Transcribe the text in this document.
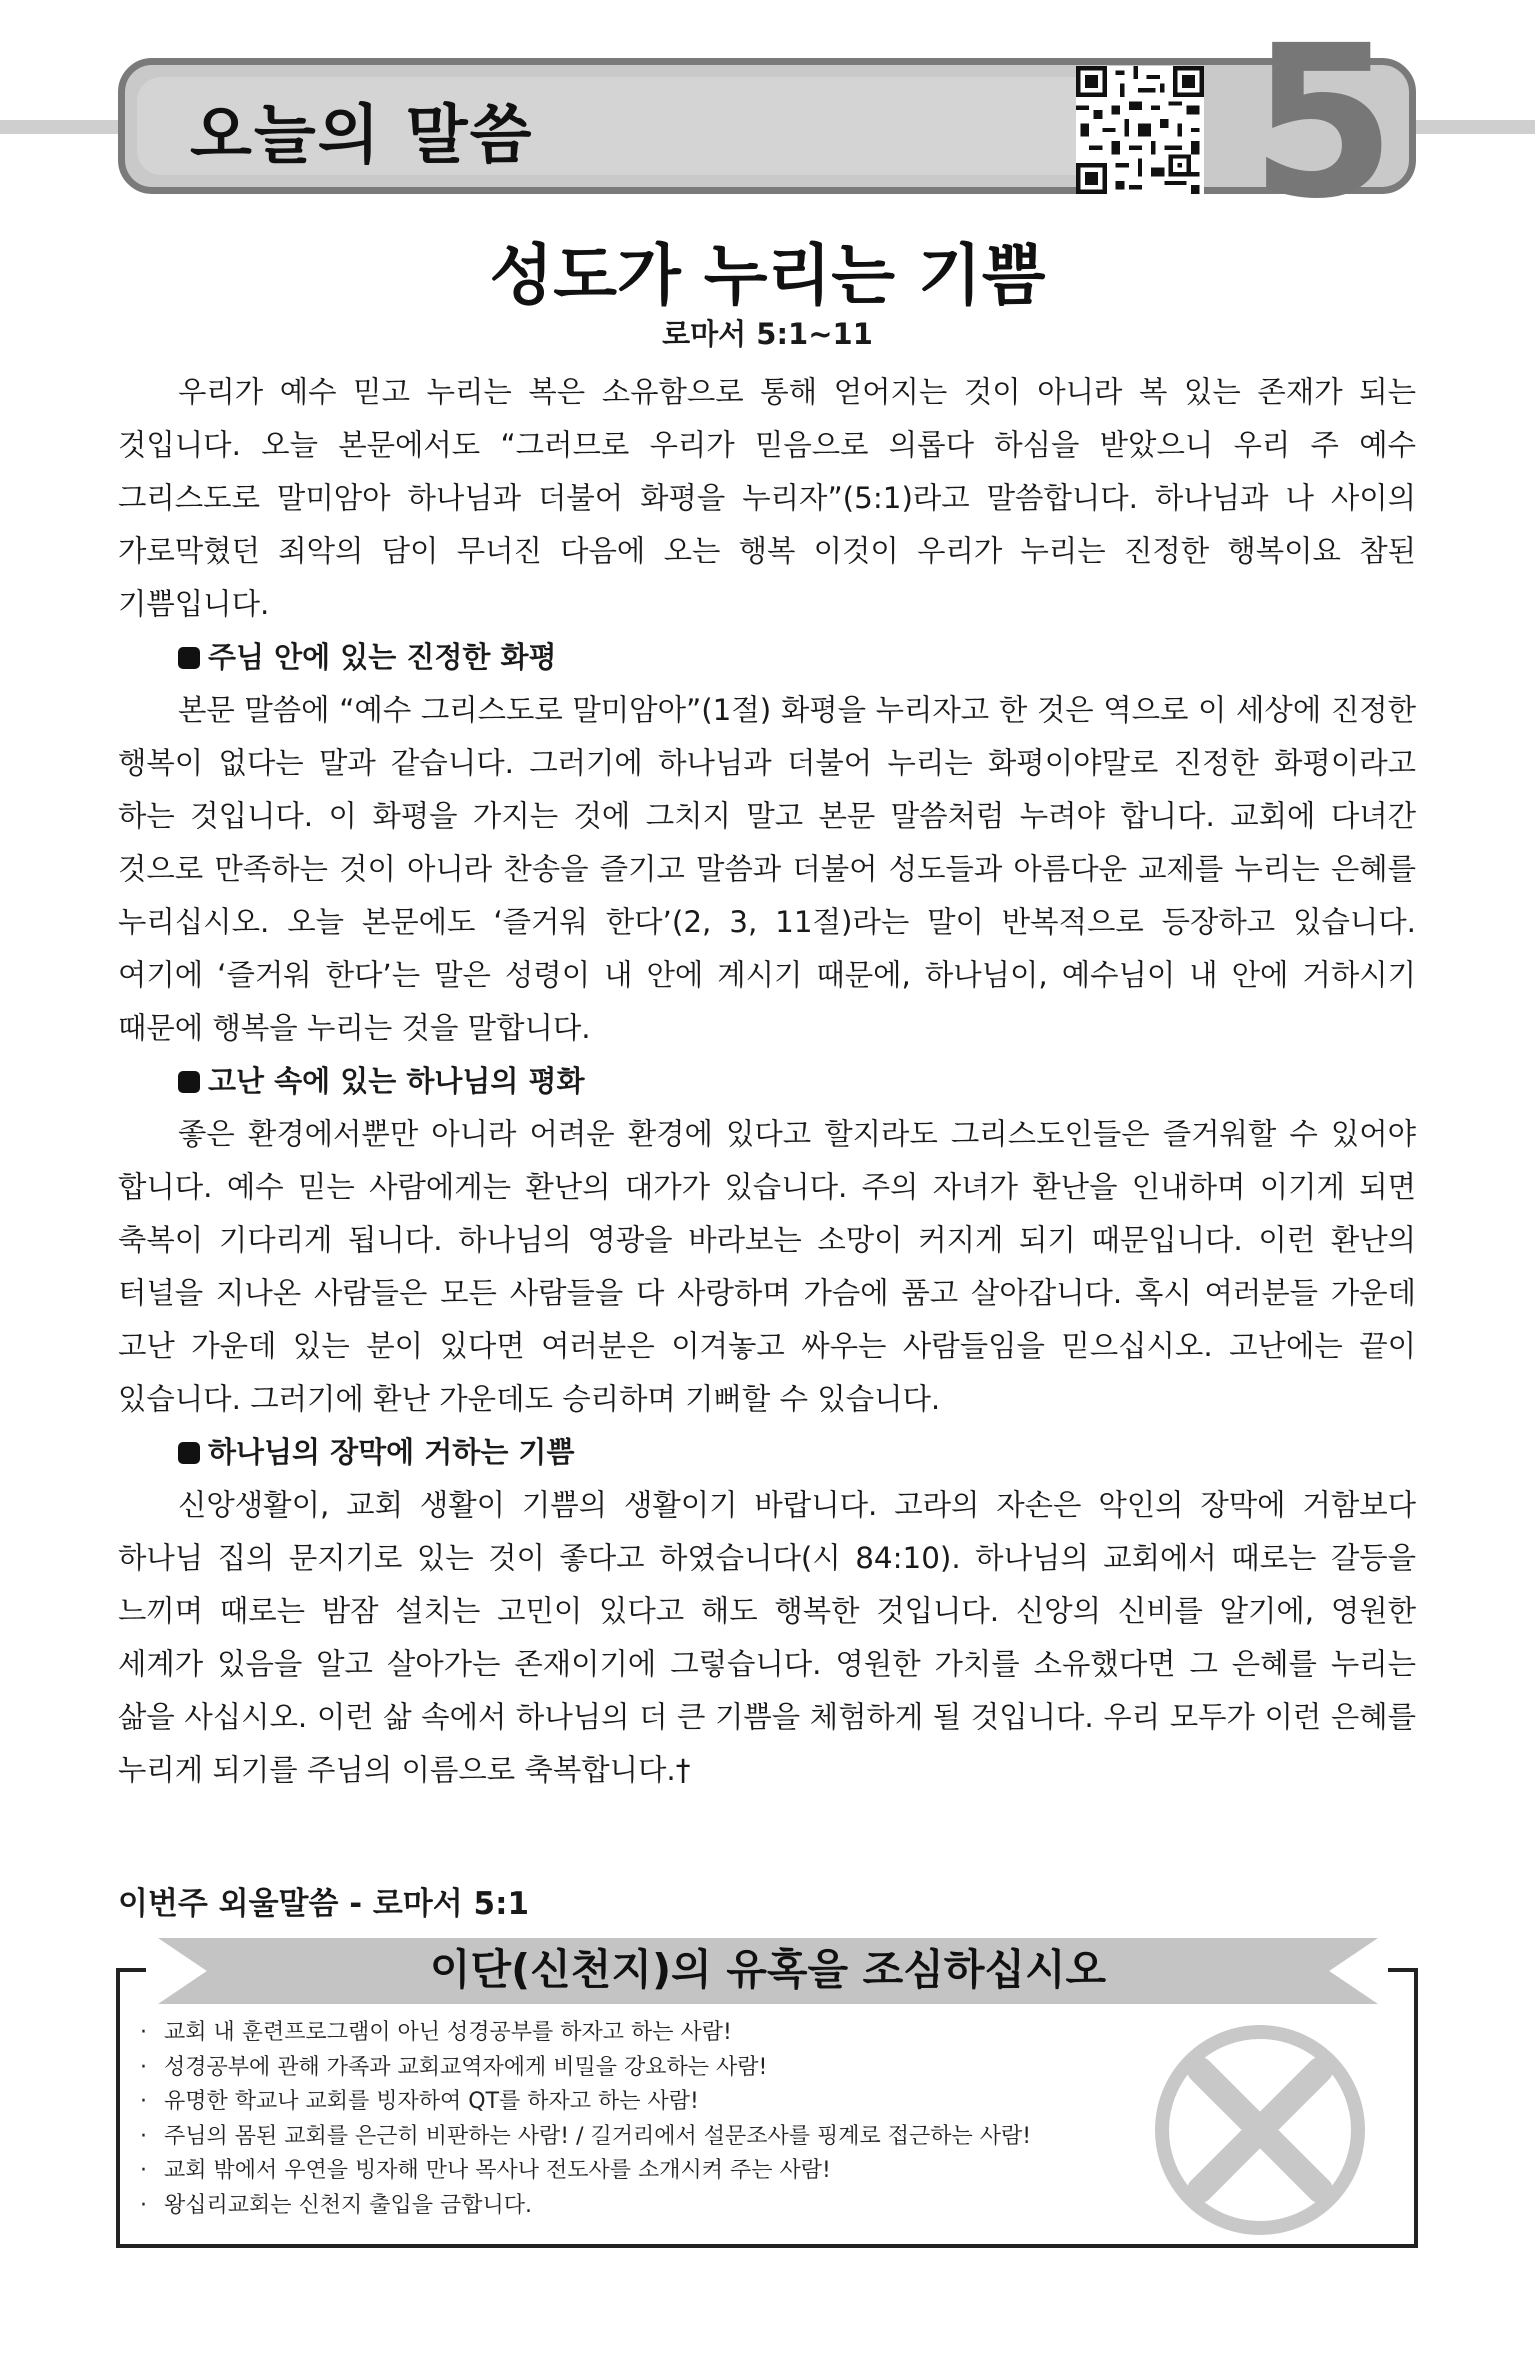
오늘의 말씀	5
성도가 누리는 기쁨
로마서 5:1~11

우리가 예수 믿고 누리는 복은 소유함으로 통해 얻어지는 것이 아니라 복 있는 존재가 되는 것입니다. 오늘 본문에서도 “그러므로 우리가 믿음으로 의롭다 하심을 받았으니 우리 주 예수 그리스도로 말미암아 하나님과 더불어 화평을 누리자”(5:1)라고 말씀합니다. 하나님과 나 사이의 가로막혔던 죄악의 담이 무너진 다음에 오는 행복 이것이 우리가 누리는 진정한 행복이요 참된 기쁨입니다.

주님 안에 있는 진정한 화평

본문 말씀에 “예수 그리스도로 말미암아”(1절) 화평을 누리자고 한 것은 역으로 이 세상에 진정한 행복이 없다는 말과 같습니다. 그러기에 하나님과 더불어 누리는 화평이야말로 진정한 화평이라고 하는 것입니다. 이 화평을 가지는 것에 그치지 말고 본문 말씀처럼 누려야 합니다. 교회에 다녀간 것으로 만족하는 것이 아니라 찬송을 즐기고 말씀과 더불어 성도들과 아름다운 교제를 누리는 은혜를 누리십시오. 오늘 본문에도 ‘즐거워 한다’(2, 3, 11절)라는 말이 반복적으로 등장하고 있습니다. 여기에 ‘즐거워 한다’는 말은 성령이 내 안에 계시기 때문에, 하나님이, 예수님이 내 안에 거하시기 때문에 행복을 누리는 것을 말합니다.

고난 속에 있는 하나님의 평화

좋은 환경에서뿐만 아니라 어려운 환경에 있다고 할지라도 그리스도인들은 즐거워할 수 있어야 합니다. 예수 믿는 사람에게는 환난의 대가가 있습니다. 주의 자녀가 환난을 인내하며 이기게 되면 축복이 기다리게 됩니다. 하나님의 영광을 바라보는 소망이 커지게 되기 때문입니다. 이런 환난의 터널을 지나온 사람들은 모든 사람들을 다 사랑하며 가슴에 품고 살아갑니다. 혹시 여러분들 가운데 고난 가운데 있는 분이 있다면 여러분은 이겨놓고 싸우는 사람들임을 믿으십시오. 고난에는 끝이 있습니다. 그러기에 환난 가운데도 승리하며 기뻐할 수 있습니다.

하나님의 장막에 거하는 기쁨

신앙생활이, 교회 생활이 기쁨의 생활이기 바랍니다. 고라의 자손은 악인의 장막에 거함보다 하나님 집의 문지기로 있는 것이 좋다고 하였습니다(시 84:10). 하나님의 교회에서 때로는 갈등을 느끼며 때로는 밤잠 설치는 고민이 있다고 해도 행복한 것입니다. 신앙의 신비를 알기에, 영원한 세계가 있음을 알고 살아가는 존재이기에 그렇습니다. 영원한 가치를 소유했다면 그 은혜를 누리는 삶을 사십시오. 이런 삶 속에서 하나님의 더 큰 기쁨을 체험하게 될 것입니다. 우리 모두가 이런 은혜를 누리게 되기를 주님의 이름으로 축복합니다.†

이번주 외울말씀 - 로마서 5:1
이단(신천지)의 유혹을 조심하십시오
· 교회 내 훈련프로그램이 아닌 성경공부를 하자고 하는 사람!
· 성경공부에 관해 가족과 교회교역자에게 비밀을 강요하는 사람!
· 유명한 학교나 교회를 빙자하여 QT를 하자고 하는 사람!
· 주님의 몸된 교회를 은근히 비판하는 사람! / 길거리에서 설문조사를 핑계로 접근하는 사람!
· 교회 밖에서 우연을 빙자해 만나 목사나 전도사를 소개시켜 주는 사람!
· 왕십리교회는 신천지 출입을 금합니다.
